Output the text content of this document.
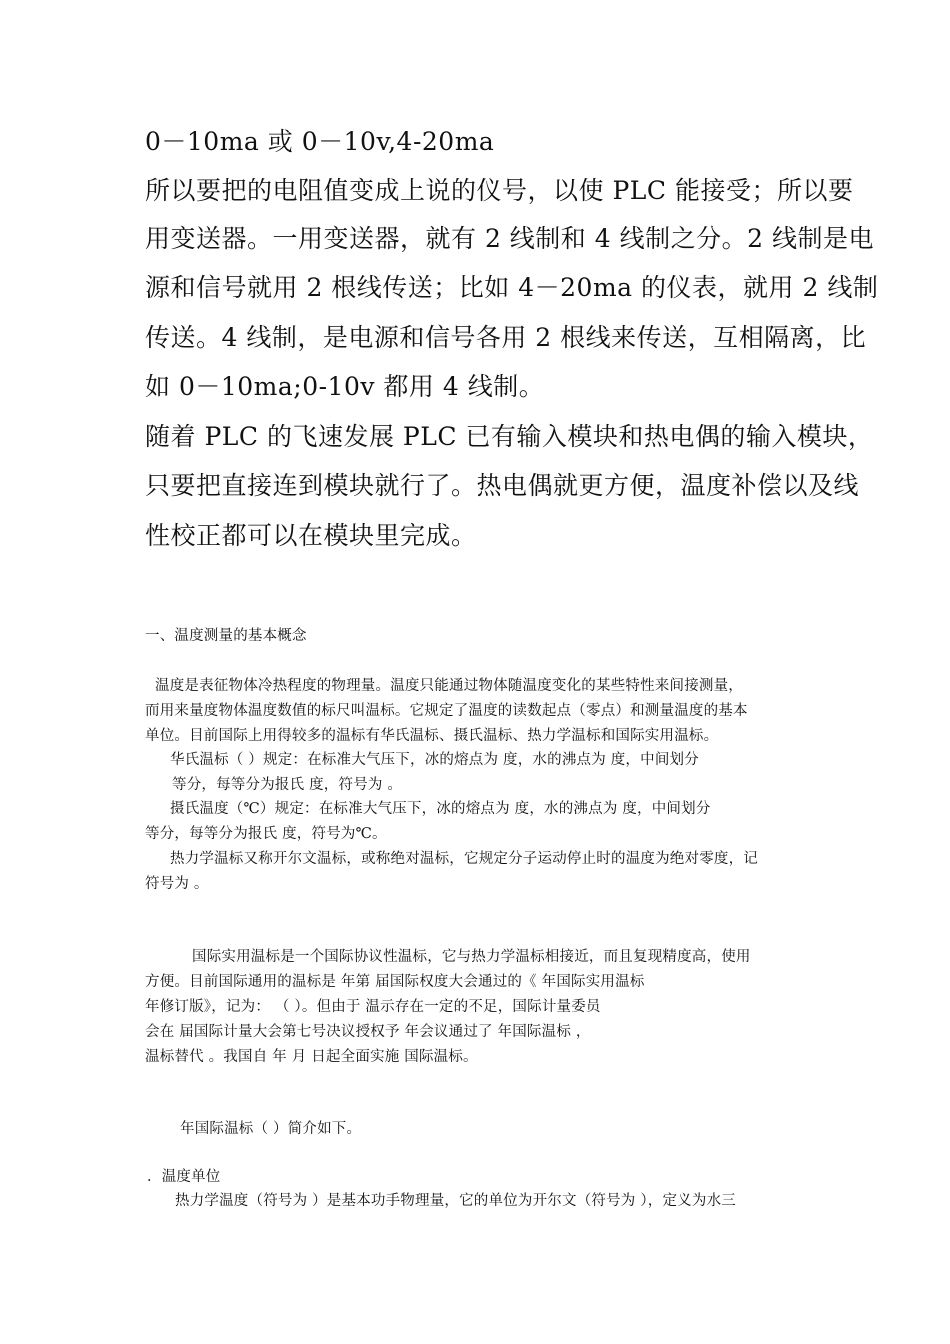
0－10ma 或 0－10v,4-20ma
所以要把的电阻值变成上说的仪号，以使 PLC 能接受；所以要
用变送器。一用变送器，就有 2 线制和 4 线制之分。2 线制是电
源和信号就用 2 根线传送；比如 4－20ma 的仪表，就用 2 线制
传送。4 线制，是电源和信号各用 2 根线来传送，互相隔离，比
如 0－10ma;0-10v 都用 4 线制。
随着 PLC 的飞速发展 PLC 已有输入模块和热电偶的输入模块，
只要把直接连到模块就行了。热电偶就更方便，温度补偿以及线
性校正都可以在模块里完成。
一、温度测量的基本概念
温度是表征物体冷热程度的物理量。温度只能通过物体随温度变化的某些特性来间接测量，
而用来量度物体温度数值的标尺叫温标。它规定了温度的读数起点（零点）和测量温度的基本
单位。目前国际上用得较多的温标有华氏温标、摄氏温标、热力学温标和国际实用温标。
华氏温标（ ）规定：在标准大气压下，冰的熔点为 度，水的沸点为 度，中间划分
等分，每等分为报氏 度，符号为 。
摄氏温度（℃）规定：在标准大气压下，冰的熔点为 度，水的沸点为 度，中间划分
等分，每等分为报氏 度，符号为℃。
热力学温标又称开尔文温标，或称绝对温标，它规定分子运动停止时的温度为绝对零度，记
符号为 。
国际实用温标是一个国际协议性温标，它与热力学温标相接近，而且复现精度高，使用
方便。目前国际通用的温标是 年第 届国际权度大会通过的《 年国际实用温标
年修订版》，记为： （ ）。但由于 温示存在一定的不足，国际计量委员
会在 届国际计量大会第七号决议授权予 年会议通过了 年国际温标 ，
温标替代 。我国自 年 月 日起全面实施 国际温标。
年国际温标（ ）简介如下。
．温度单位
热力学温度（符号为 ）是基本功手物理量，它的单位为开尔文（符号为 ），定义为水三
